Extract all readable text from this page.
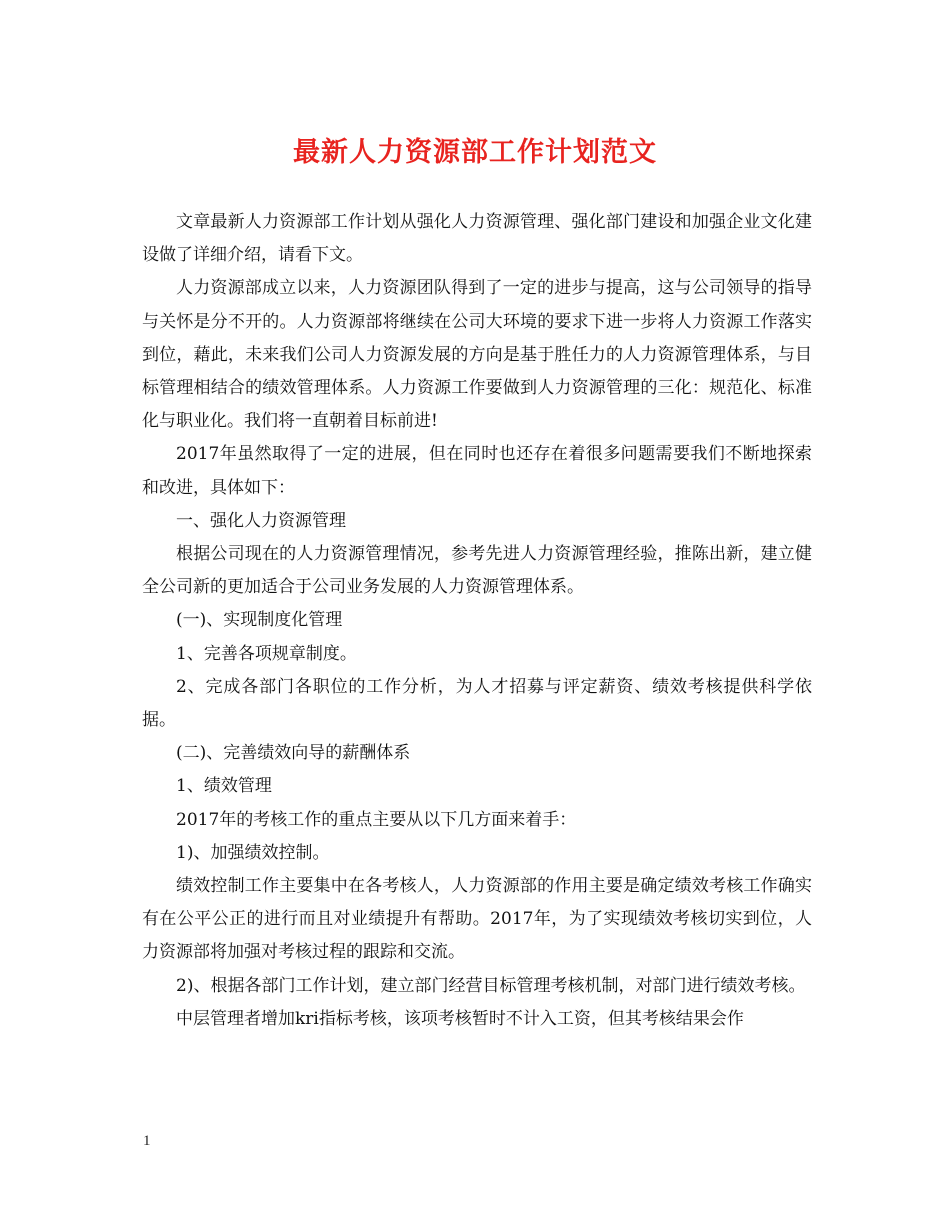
最新人力资源部工作计划范文

文章最新人力资源部工作计划从强化人力资源管理、强化部门建设和加强企业文化建设做了详细介绍，请看下文。

人力资源部成立以来，人力资源团队得到了一定的进步与提高，这与公司领导的指导与关怀是分不开的。人力资源部将继续在公司大环境的要求下进一步将人力资源工作落实到位，藉此，未来我们公司人力资源发展的方向是基于胜任力的人力资源管理体系，与目标管理相结合的绩效管理体系。人力资源工作要做到人力资源管理的三化：规范化、标准化与职业化。我们将一直朝着目标前进!

2017年虽然取得了一定的进展，但在同时也还存在着很多问题需要我们不断地探索和改进，具体如下：

一、强化人力资源管理

根据公司现在的人力资源管理情况，参考先进人力资源管理经验，推陈出新，建立健全公司新的更加适合于公司业务发展的人力资源管理体系。

(一)、实现制度化管理

1、完善各项规章制度。

2、完成各部门各职位的工作分析，为人才招募与评定薪资、绩效考核提供科学依据。

(二)、完善绩效向导的薪酬体系

1、绩效管理

2017年的考核工作的重点主要从以下几方面来着手：

1)、加强绩效控制。

绩效控制工作主要集中在各考核人，人力资源部的作用主要是确定绩效考核工作确实有在公平公正的进行而且对业绩提升有帮助。2017年，为了实现绩效考核切实到位，人力资源部将加强对考核过程的跟踪和交流。

2)、根据各部门工作计划，建立部门经营目标管理考核机制，对部门进行绩效考核。

中层管理者增加kri指标考核，该项考核暂时不计入工资，但其考核结果会作

1
